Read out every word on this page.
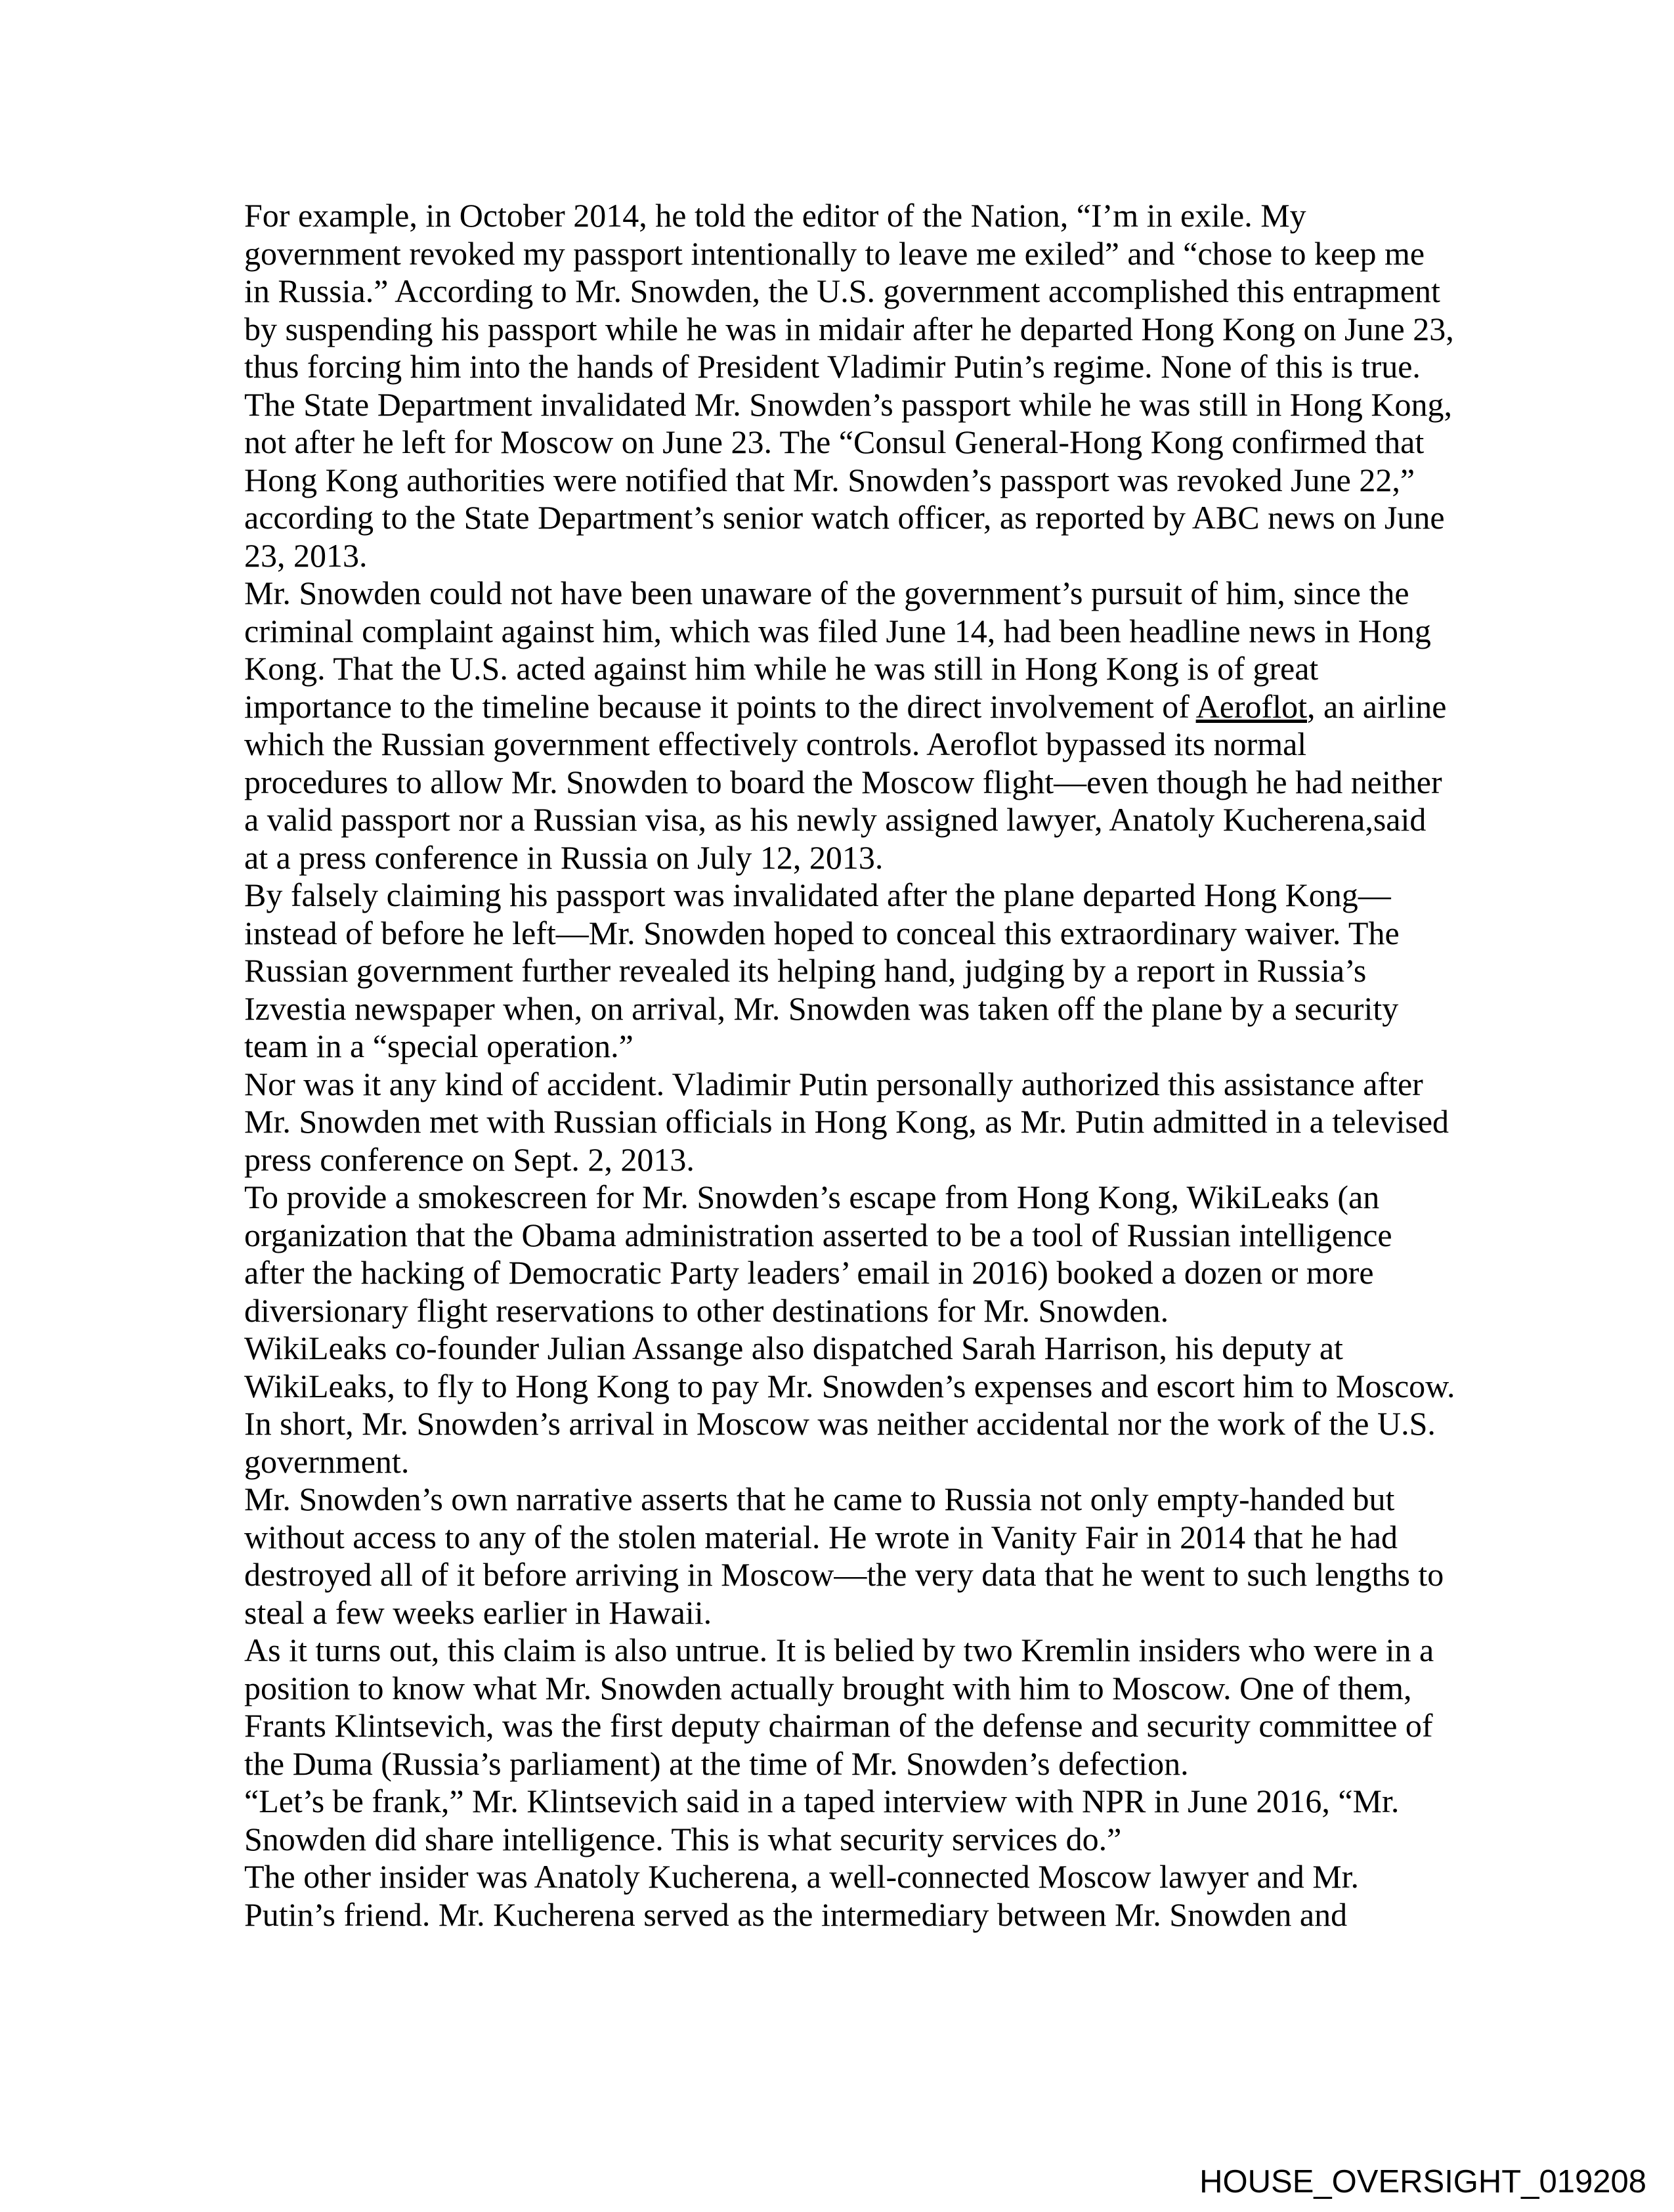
For example, in October 2014, he told the editor of the Nation, “I’m in exile. My government revoked my passport intentionally to leave me exiled” and “chose to keep me in Russia.” According to Mr. Snowden, the U.S. government accomplished this entrapment by suspending his passport while he was in midair after he departed Hong Kong on June 23, thus forcing him into the hands of President Vladimir Putin’s regime. None of this is true. The State Department invalidated Mr. Snowden’s passport while he was still in Hong Kong, not after he left for Moscow on June 23. The “Consul General-Hong Kong confirmed that Hong Kong authorities were notified that Mr. Snowden’s passport was revoked June 22,” according to the State Department’s senior watch officer, as reported by ABC news on June 23, 2013.

Mr. Snowden could not have been unaware of the government’s pursuit of him, since the criminal complaint against him, which was filed June 14, had been headline news in Hong Kong. That the U.S. acted against him while he was still in Hong Kong is of great importance to the timeline because it points to the direct involvement of Aeroflot, an airline which the Russian government effectively controls. Aeroflot bypassed its normal procedures to allow Mr. Snowden to board the Moscow flight—even though he had neither a valid passport nor a Russian visa, as his newly assigned lawyer, Anatoly Kucherena,said at a press conference in Russia on July 12, 2013.

By falsely claiming his passport was invalidated after the plane departed Hong Kong—instead of before he left—Mr. Snowden hoped to conceal this extraordinary waiver. The Russian government further revealed its helping hand, judging by a report in Russia’s Izvestia newspaper when, on arrival, Mr. Snowden was taken off the plane by a security team in a “special operation.”

Nor was it any kind of accident. Vladimir Putin personally authorized this assistance after Mr. Snowden met with Russian officials in Hong Kong, as Mr. Putin admitted in a televised press conference on Sept. 2, 2013.

To provide a smokescreen for Mr. Snowden’s escape from Hong Kong, WikiLeaks (an organization that the Obama administration asserted to be a tool of Russian intelligence after the hacking of Democratic Party leaders’ email in 2016) booked a dozen or more diversionary flight reservations to other destinations for Mr. Snowden.

WikiLeaks co-founder Julian Assange also dispatched Sarah Harrison, his deputy at WikiLeaks, to fly to Hong Kong to pay Mr. Snowden’s expenses and escort him to Moscow. In short, Mr. Snowden’s arrival in Moscow was neither accidental nor the work of the U.S. government.

Mr. Snowden’s own narrative asserts that he came to Russia not only empty-handed but without access to any of the stolen material. He wrote in Vanity Fair in 2014 that he had destroyed all of it before arriving in Moscow—the very data that he went to such lengths to steal a few weeks earlier in Hawaii.

As it turns out, this claim is also untrue. It is belied by two Kremlin insiders who were in a position to know what Mr. Snowden actually brought with him to Moscow. One of them, Frants Klintsevich, was the first deputy chairman of the defense and security committee of the Duma (Russia’s parliament) at the time of Mr. Snowden’s defection.

“Let’s be frank,” Mr. Klintsevich said in a taped interview with NPR in June 2016, “Mr. Snowden did share intelligence. This is what security services do.”

The other insider was Anatoly Kucherena, a well-connected Moscow lawyer and Mr. Putin’s friend. Mr. Kucherena served as the intermediary between Mr. Snowden and

HOUSE_OVERSIGHT_019208
